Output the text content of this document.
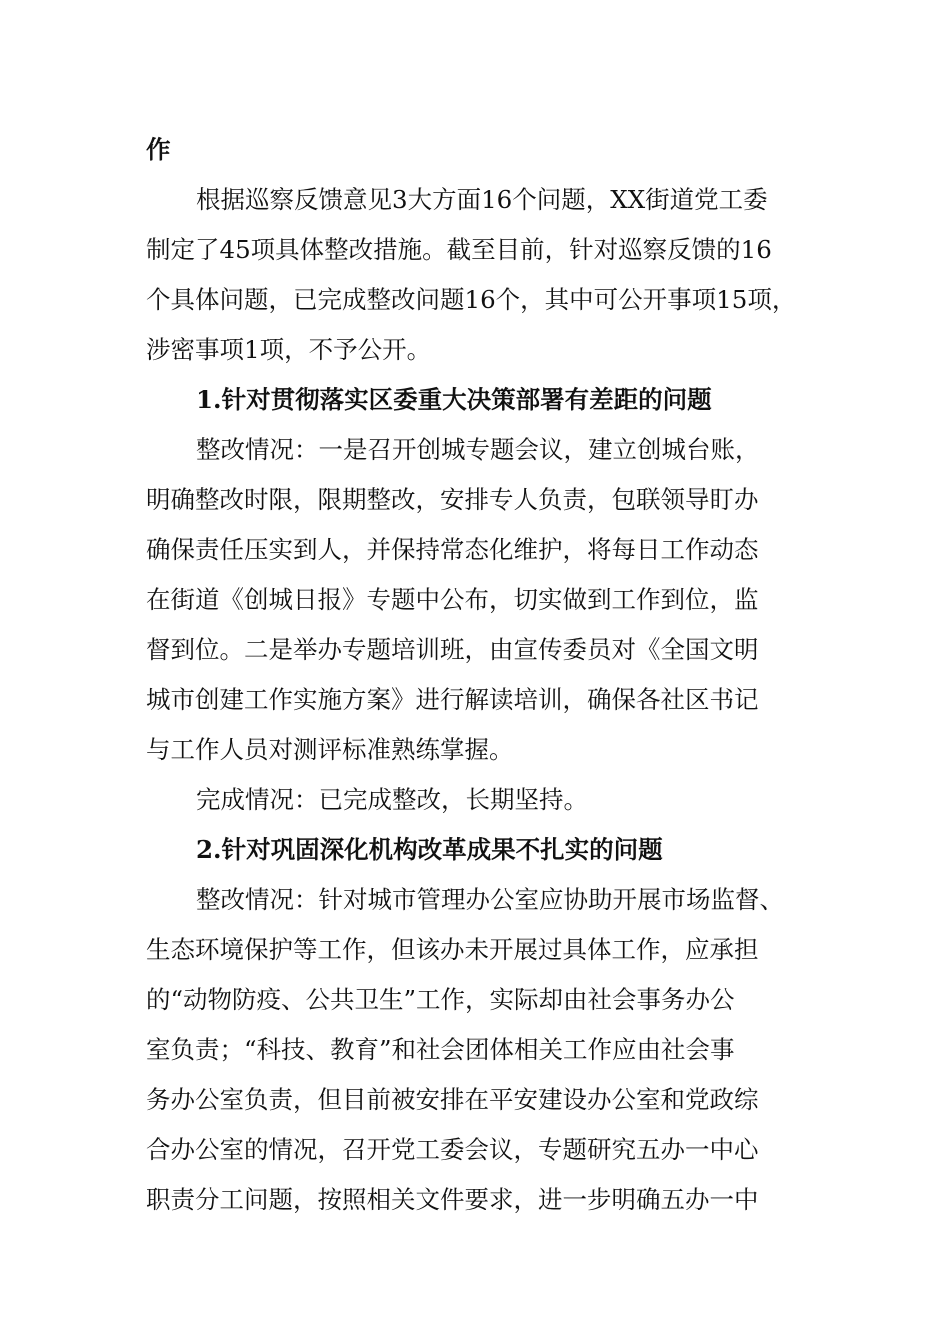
作
根据巡察反馈意见3大方面16个问题，XX街道党工委
制定了45项具体整改措施。截至目前，针对巡察反馈的16
个具体问题，已完成整改问题16个，其中可公开事项15项，
涉密事项1项，不予公开。
1.针对贯彻落实区委重大决策部署有差距的问题
整改情况：一是召开创城专题会议，建立创城台账，
明确整改时限，限期整改，安排专人负责，包联领导盯办
确保责任压实到人，并保持常态化维护，将每日工作动态
在街道《创城日报》专题中公布，切实做到工作到位，监
督到位。二是举办专题培训班，由宣传委员对《全国文明
城市创建工作实施方案》进行解读培训，确保各社区书记
与工作人员对测评标准熟练掌握。
完成情况：已完成整改，长期坚持。
2.针对巩固深化机构改革成果不扎实的问题
整改情况：针对城市管理办公室应协助开展市场监督、
生态环境保护等工作，但该办未开展过具体工作，应承担
的“动物防疫、公共卫生”工作，实际却由社会事务办公
室负责；“科技、教育”和社会团体相关工作应由社会事
务办公室负责，但目前被安排在平安建设办公室和党政综
合办公室的情况，召开党工委会议，专题研究五办一中心
职责分工问题，按照相关文件要求，进一步明确五办一中
